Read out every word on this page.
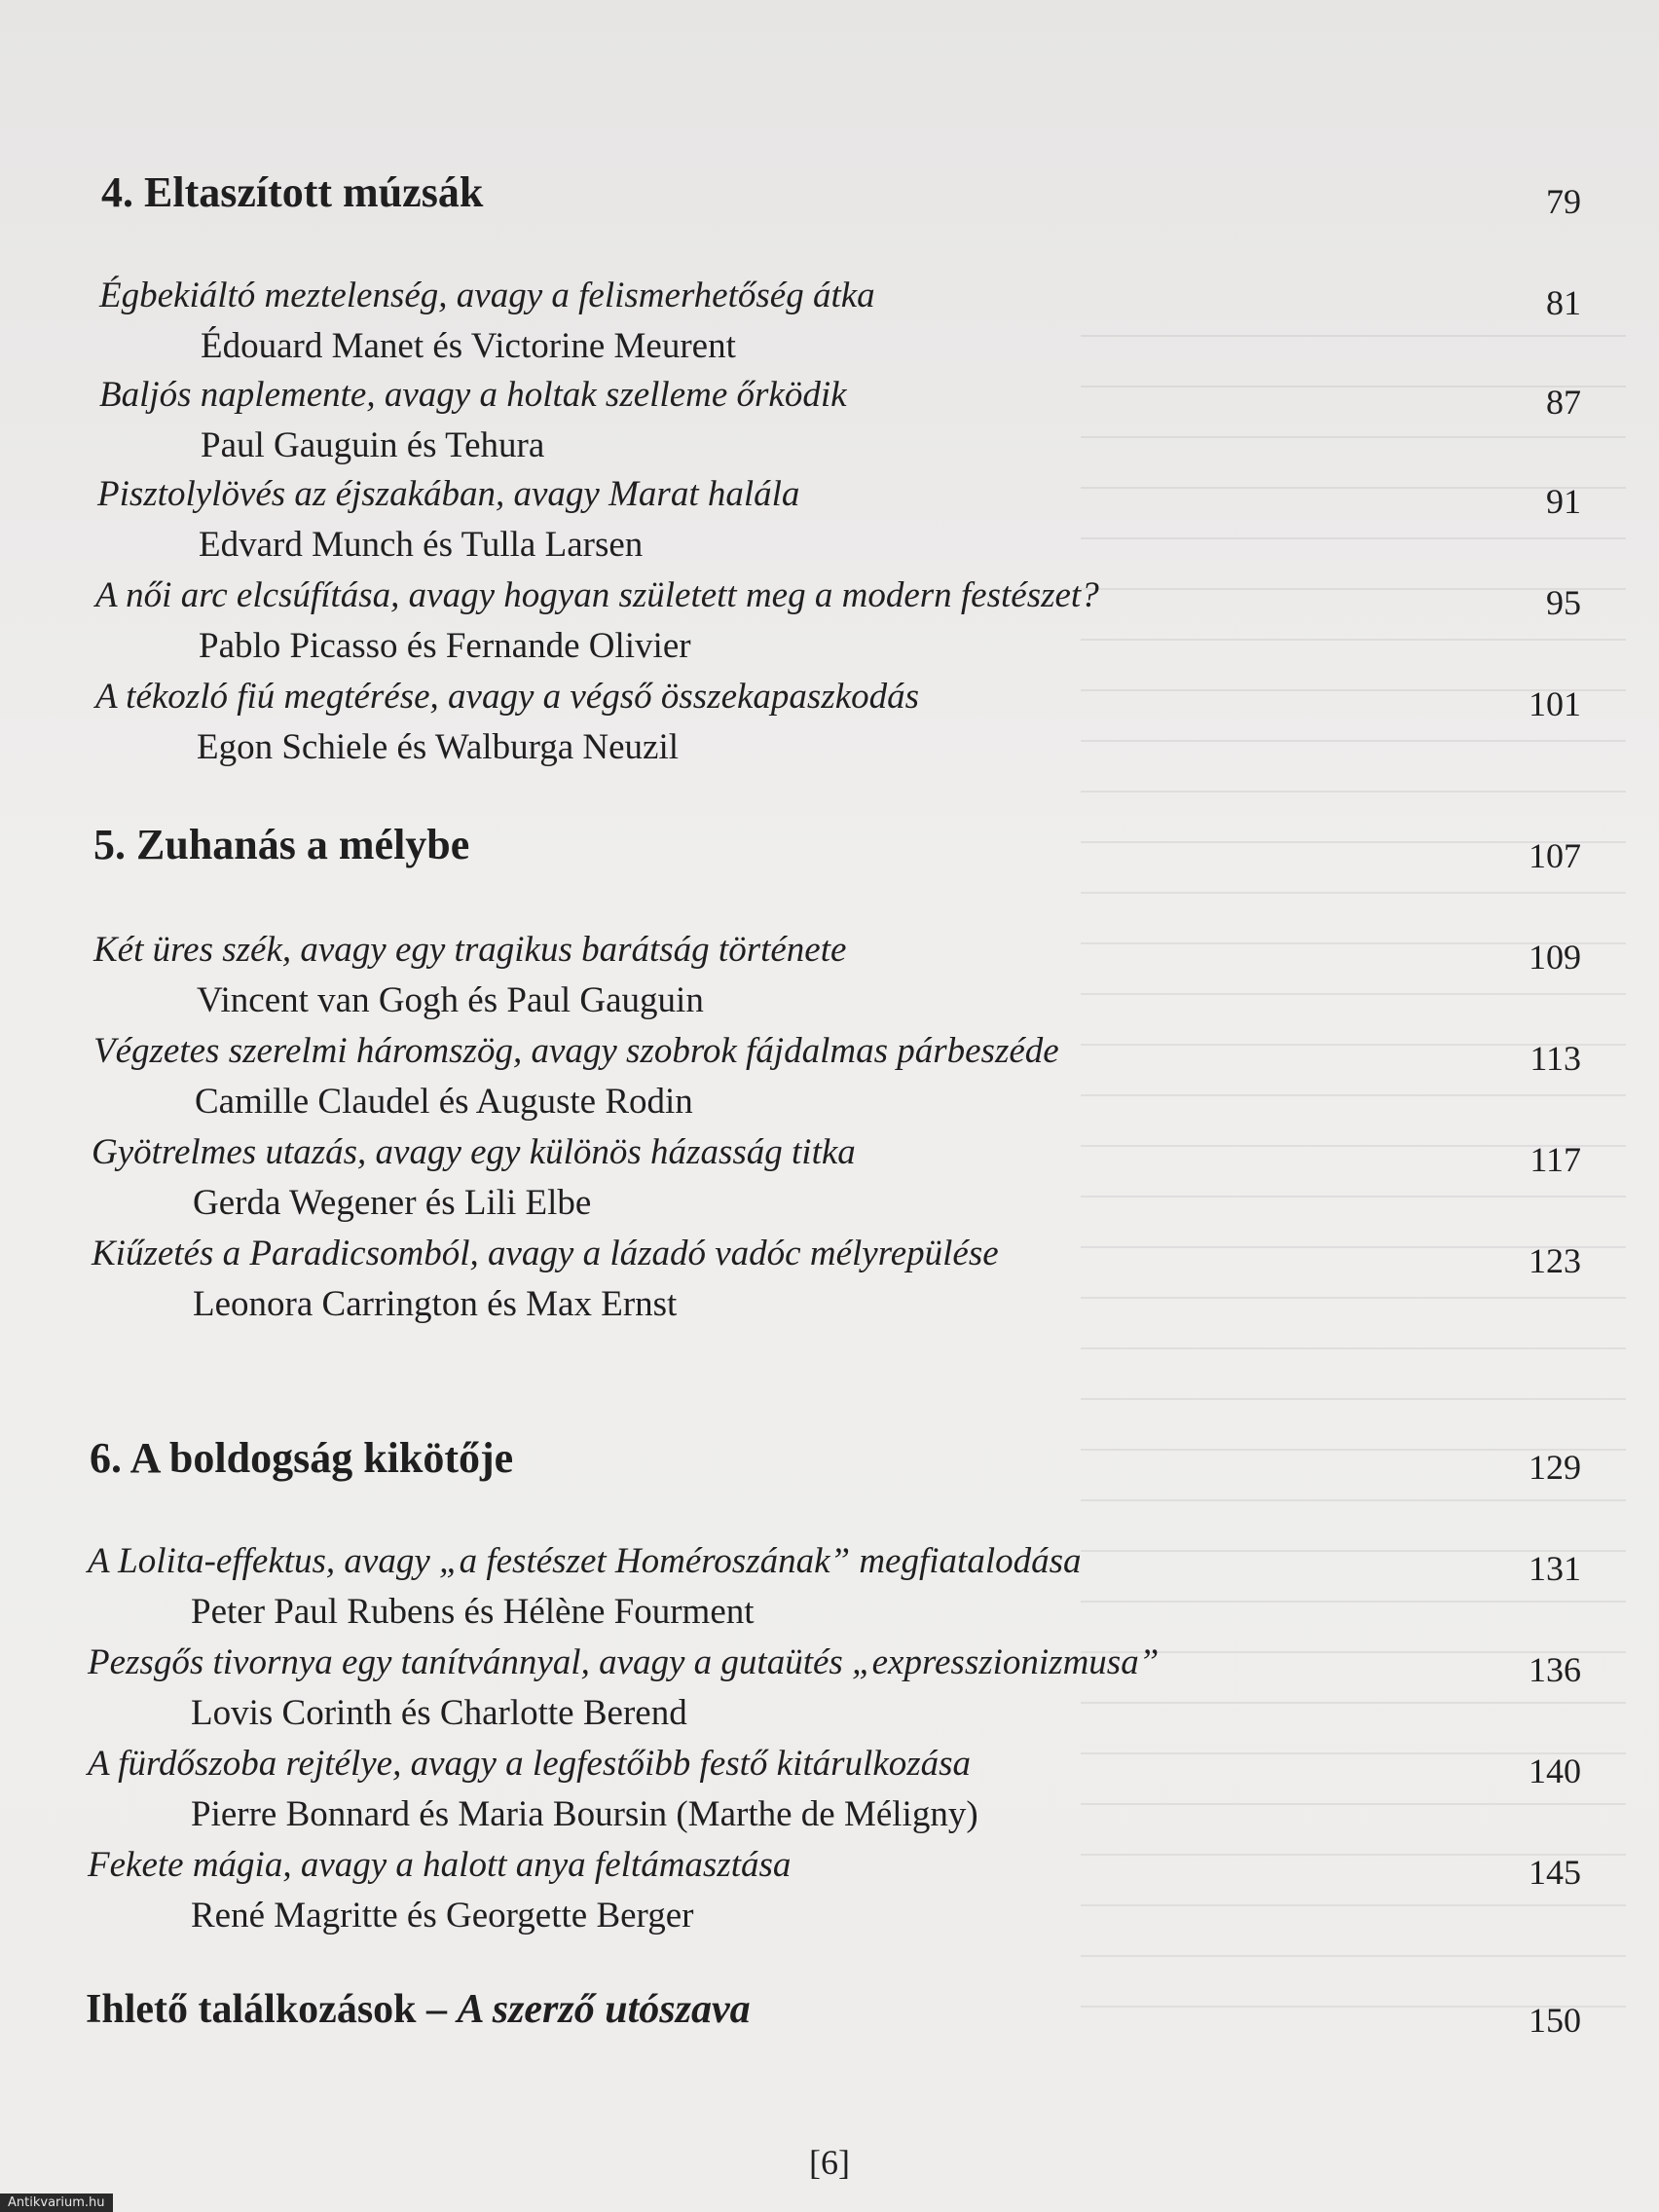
4. Eltaszított múzsák	79
Égbekiáltó meztelenség, avagy a felismerhetőség átka	81
Édouard Manet és Victorine Meurent
Baljós naplemente, avagy a holtak szelleme őrködik	87
Paul Gauguin és Tehura
Pisztolylövés az éjszakában, avagy Marat halála	91
Edvard Munch és Tulla Larsen
A női arc elcsúfítása, avagy hogyan született meg a modern festészet?	95
Pablo Picasso és Fernande Olivier
A tékozló fiú megtérése, avagy a végső összekapaszkodás	101
Egon Schiele és Walburga Neuzil
5. Zuhanás a mélybe	107
Két üres szék, avagy egy tragikus barátság története	109
Vincent van Gogh és Paul Gauguin
Végzetes szerelmi háromszög, avagy szobrok fájdalmas párbeszéde	113
Camille Claudel és Auguste Rodin
Gyötrelmes utazás, avagy egy különös házasság titka	117
Gerda Wegener és Lili Elbe
Kiűzetés a Paradicsomból, avagy a lázadó vadóc mélyrepülése	123
Leonora Carrington és Max Ernst
6. A boldogság kikötője	129
A Lolita-effektus, avagy „a festészet Homéroszának” megfiatalodása	131
Peter Paul Rubens és Hélène Fourment
Pezsgős tivornya egy tanítvánnyal, avagy a gutaütés „expresszionizmusa”	136
Lovis Corinth és Charlotte Berend
A fürdőszoba rejtélye, avagy a legfestőibb festő kitárulkozása	140
Pierre Bonnard és Maria Boursin (Marthe de Méligny)
Fekete mágia, avagy a halott anya feltámasztása	145
René Magritte és Georgette Berger
Ihlető találkozások – A szerző utószava	150
[6]
Antikvarium.hu
